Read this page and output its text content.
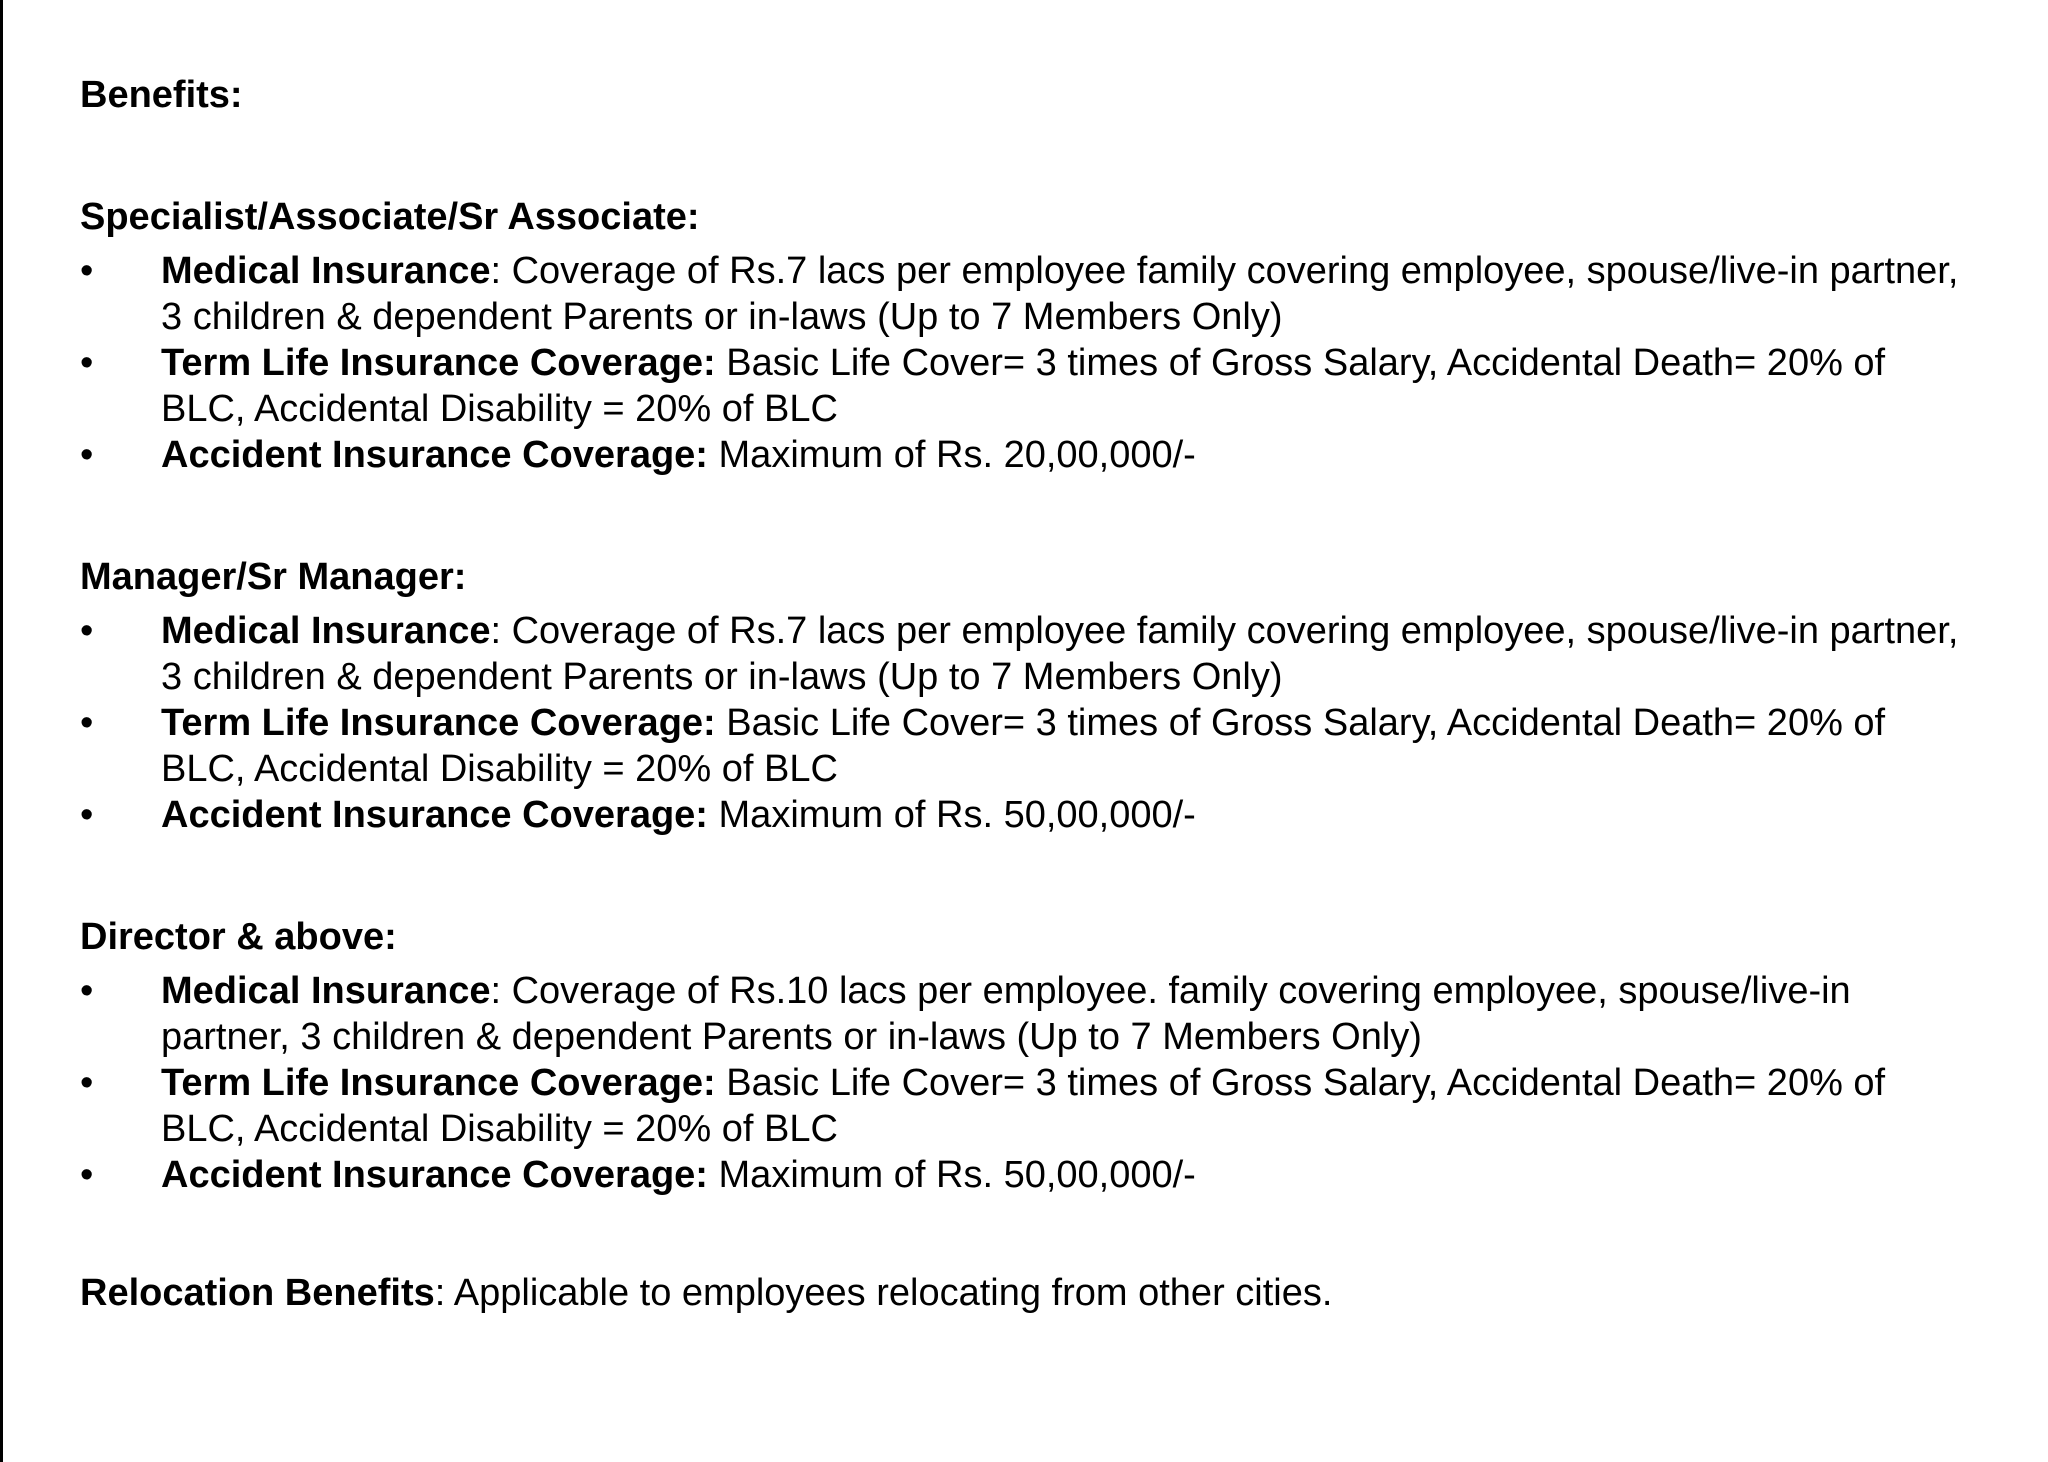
Benefits:

Specialist/Associate/Sr Associate:

•	Medical Insurance: Coverage of Rs.7 lacs per employee family covering employee, spouse/live-in partner, 3 children & dependent Parents or in-laws (Up to 7 Members Only)
•	Term Life Insurance Coverage: Basic Life Cover= 3 times of Gross Salary, Accidental Death= 20% of BLC, Accidental Disability = 20% of BLC
•	Accident Insurance Coverage: Maximum of Rs. 20,00,000/-

Manager/Sr Manager:

•	Medical Insurance: Coverage of Rs.7 lacs per employee family covering employee, spouse/live-in partner, 3 children & dependent Parents or in-laws (Up to 7 Members Only)
•	Term Life Insurance Coverage: Basic Life Cover= 3 times of Gross Salary, Accidental Death= 20% of BLC, Accidental Disability = 20% of BLC
•	Accident Insurance Coverage: Maximum of Rs. 50,00,000/-

Director & above:

•	Medical Insurance: Coverage of Rs.10 lacs per employee. family covering employee, spouse/live-in partner, 3 children & dependent Parents or in-laws (Up to 7 Members Only)
•	Term Life Insurance Coverage: Basic Life Cover= 3 times of Gross Salary, Accidental Death= 20% of BLC, Accidental Disability = 20% of BLC
•	Accident Insurance Coverage: Maximum of Rs. 50,00,000/-

Relocation Benefits: Applicable to employees relocating from other cities.
